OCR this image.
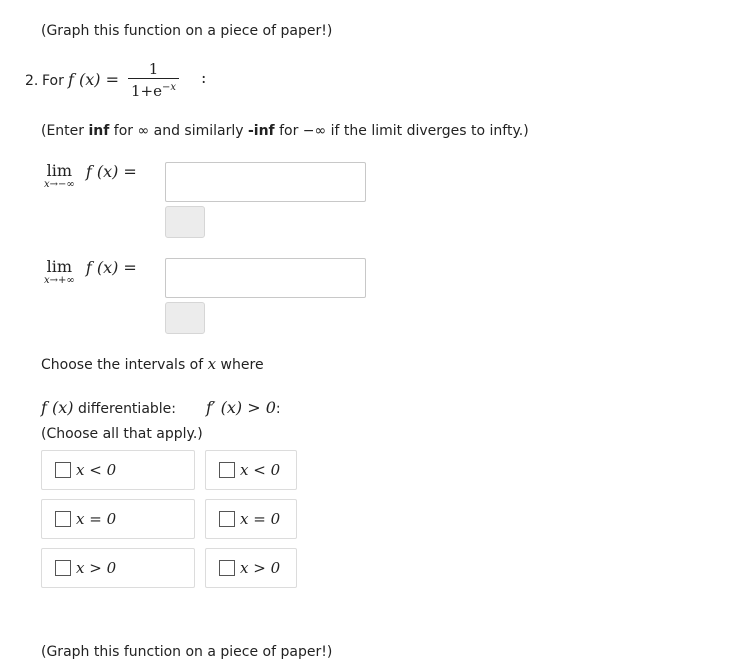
(Graph this function on a piece of paper!)
2. For f $(x) = \frac{1}{1+e^{-x}}$ :
(Enter inf for ∞ and similarly -inf for −∞ if the limit diverges to infty.)
lim
x→−∞
f (x) =
lim
x→+∞
f (x) =
Choose the intervals of x where
f (x) differentiable: f′ (x) > 0:
(Choose all that apply.)
x < 0
x = 0
x > 0
x < 0
x = 0
x > 0
(Graph this function on a piece of paper!)
